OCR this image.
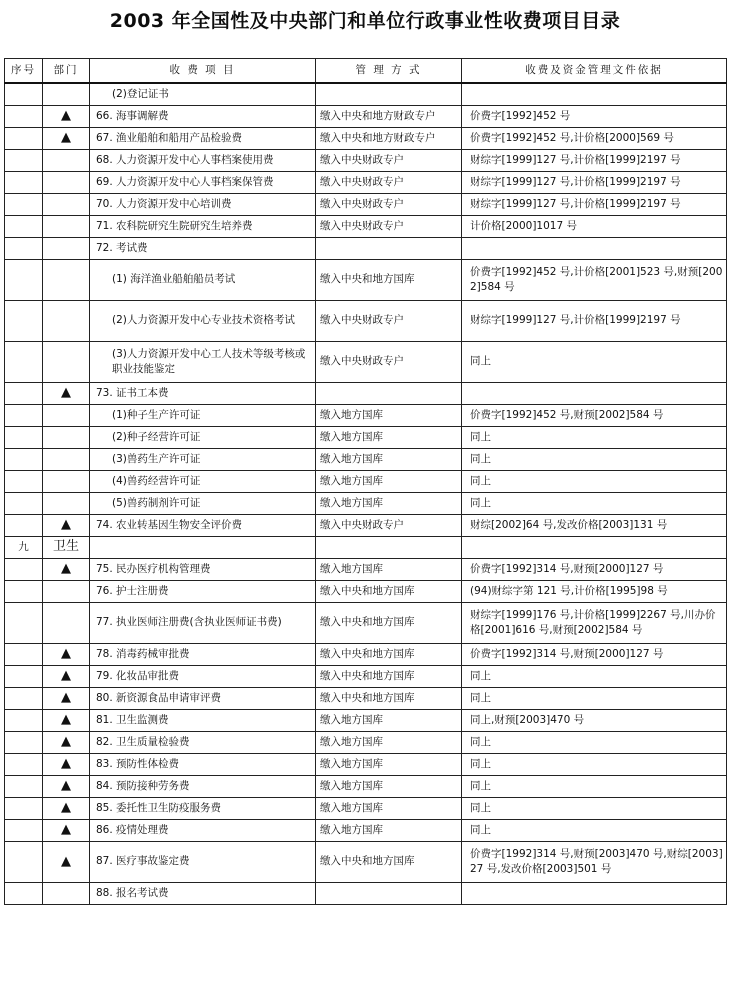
2003 年全国性及中央部门和单位行政事业性收费项目目录
序号	部门	收 费 项 目	管 理 方 式	收费及资金管理文件依据
		(2)登记证书		
	▲	66. 海事调解费	缴入中央和地方财政专户	价费字[1992]452 号
	▲	67. 渔业船舶和船用产品检验费	缴入中央和地方财政专户	价费字[1992]452 号,计价格[2000]569 号
		68. 人力资源开发中心人事档案使用费	缴入中央财政专户	财综字[1999]127 号,计价格[1999]2197 号
		69. 人力资源开发中心人事档案保管费	缴入中央财政专户	财综字[1999]127 号,计价格[1999]2197 号
		70. 人力资源开发中心培训费	缴入中央财政专户	财综字[1999]127 号,计价格[1999]2197 号
		71. 农科院研究生院研究生培养费	缴入中央财政专户	计价格[2000]1017 号
		72. 考试费		
		(1) 海洋渔业船舶船员考试	缴入中央和地方国库	价费字[1992]452 号,计价格[2001]523 号,财预[2002]584 号
		(2)人力资源开发中心专业技术资格考试	缴入中央财政专户	财综字[1999]127 号,计价格[1999]2197 号
		(3)人力资源开发中心工人技术等级考核或职业技能鉴定	缴入中央财政专户	同上
	▲	73. 证书工本费		
		(1)种子生产许可证	缴入地方国库	价费字[1992]452 号,财预[2002]584 号
		(2)种子经营许可证	缴入地方国库	同上
		(3)兽药生产许可证	缴入地方国库	同上
		(4)兽药经营许可证	缴入地方国库	同上
		(5)兽药制剂许可证	缴入地方国库	同上
	▲	74. 农业转基因生物安全评价费	缴入中央财政专户	财综[2002]64 号,发改价格[2003]131 号
九	卫生			
	▲	75. 民办医疗机构管理费	缴入地方国库	价费字[1992]314 号,财预[2000]127 号
		76. 护士注册费	缴入中央和地方国库	(94)财综字第 121 号,计价格[1995]98 号
		77. 执业医师注册费(含执业医师证书费)	缴入中央和地方国库	财综字[1999]176 号,计价格[1999]2267 号,川办价格[2001]616 号,财预[2002]584 号
	▲	78. 消毒药械审批费	缴入中央和地方国库	价费字[1992]314 号,财预[2000]127 号
	▲	79. 化妆品审批费	缴入中央和地方国库	同上
	▲	80. 新资源食品申请审评费	缴入中央和地方国库	同上
	▲	81. 卫生监测费	缴入地方国库	同上,财预[2003]470 号
	▲	82. 卫生质量检验费	缴入地方国库	同上
	▲	83. 预防性体检费	缴入地方国库	同上
	▲	84. 预防接种劳务费	缴入地方国库	同上
	▲	85. 委托性卫生防疫服务费	缴入地方国库	同上
	▲	86. 疫情处理费	缴入地方国库	同上
	▲	87. 医疗事故鉴定费	缴入中央和地方国库	价费字[1992]314 号,财预[2003]470 号,财综[2003]27 号,发改价格[2003]501 号
		88. 报名考试费		
